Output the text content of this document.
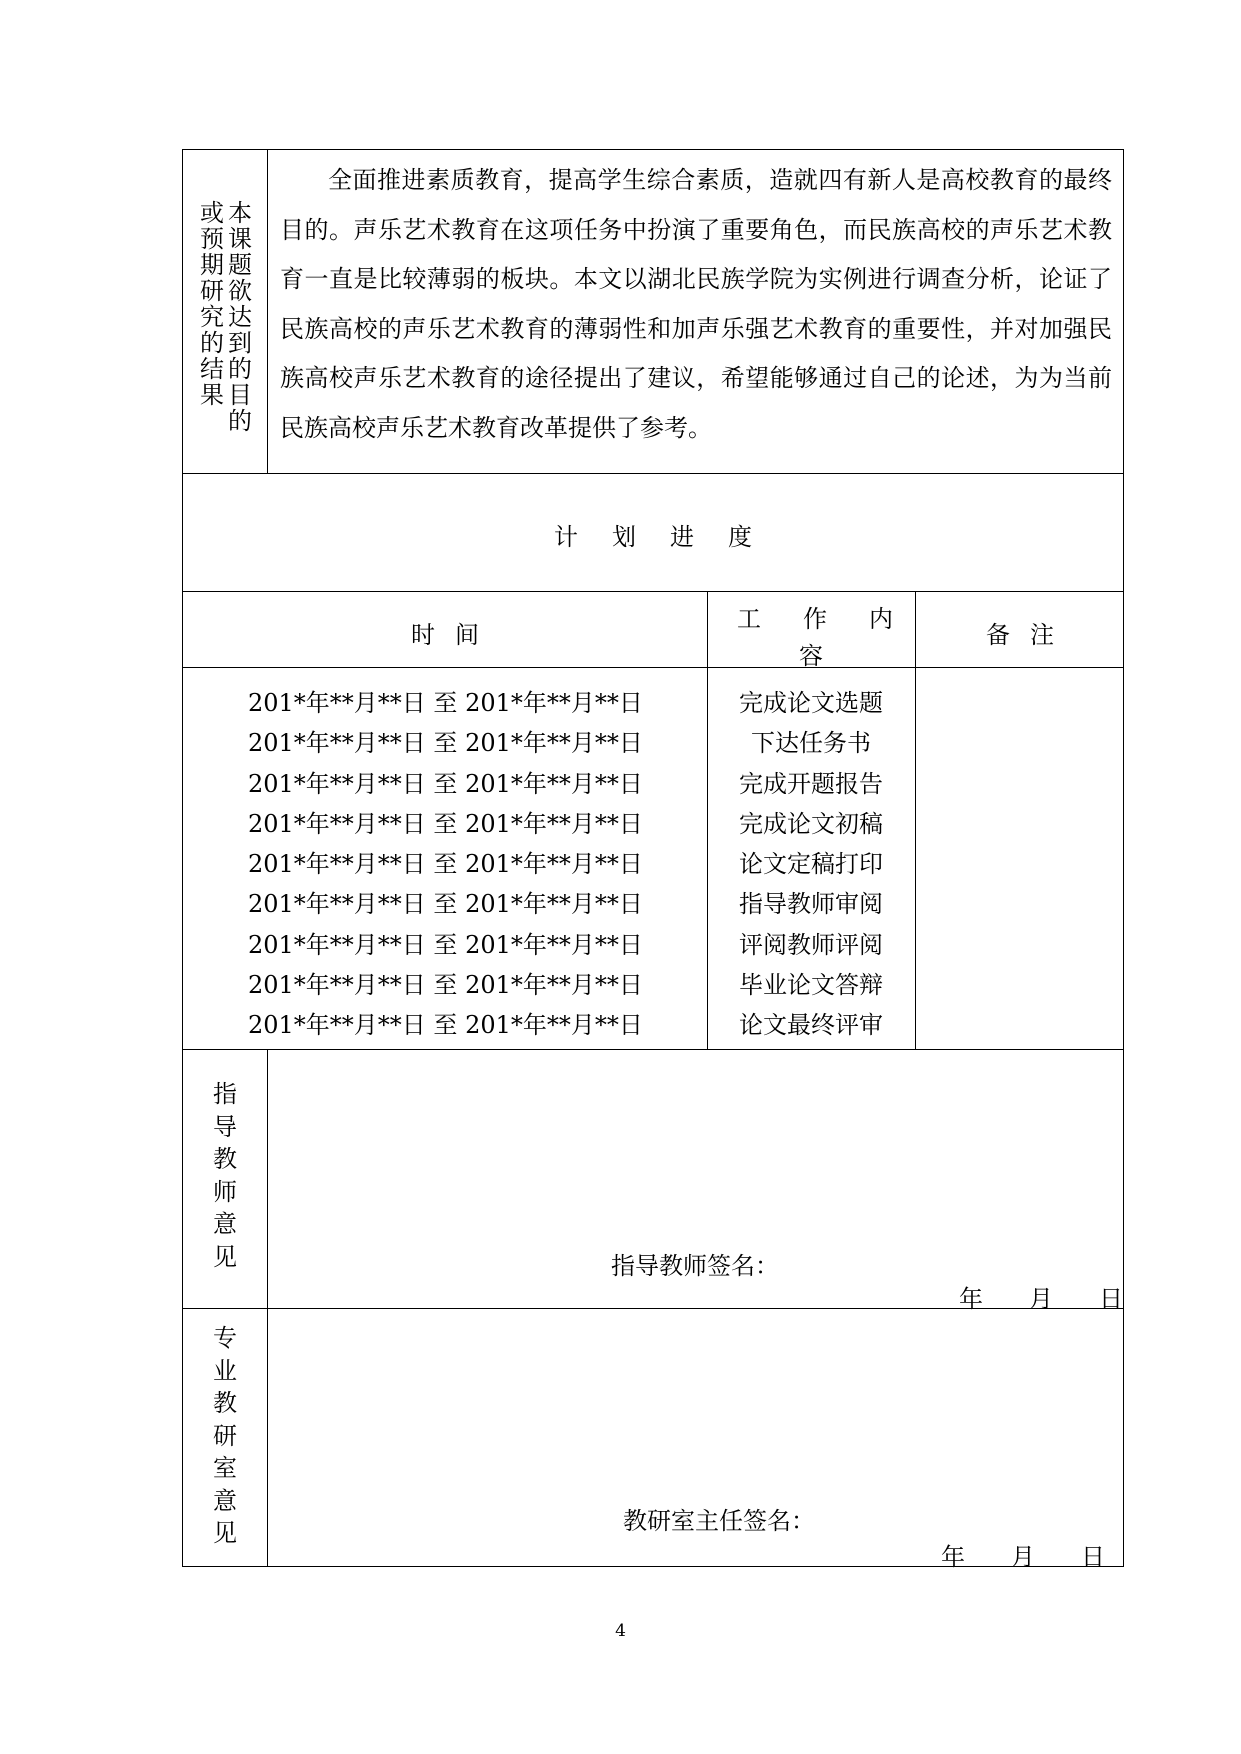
本课题欲达到的目的
或预期研究的结果
全面推进素质教育，提高学生综合素质，造就四有新人是高校教育的最终目的。声乐艺术教育在这项任务中扮演了重要角色，而民族高校的声乐艺术教育一直是比较薄弱的板块。本文以湖北民族学院为实例进行调查分析，论证了民族高校的声乐艺术教育的薄弱性和加声乐强艺术教育的重要性，并对加强民族高校声乐艺术教育的途径提出了建议，希望能够通过自己的论述，为为当前民族高校声乐艺术教育改革提供了参考。
计划进度
时间
工 作 内
容
备注
201*年**月**日 至 201*年**月**日
201*年**月**日 至 201*年**月**日
201*年**月**日 至 201*年**月**日
201*年**月**日 至 201*年**月**日
201*年**月**日 至 201*年**月**日
201*年**月**日 至 201*年**月**日
201*年**月**日 至 201*年**月**日
201*年**月**日 至 201*年**月**日
201*年**月**日 至 201*年**月**日
完成论文选题
下达任务书
完成开题报告
完成论文初稿
论文定稿打印
指导教师审阅
评阅教师评阅
毕业论文答辩
论文最终评审
指
导
教
师
意
见	指导教师签名：
年 月 日
专
业
教
研
室
意
见	教研室主任签名：
年 月 日
4
